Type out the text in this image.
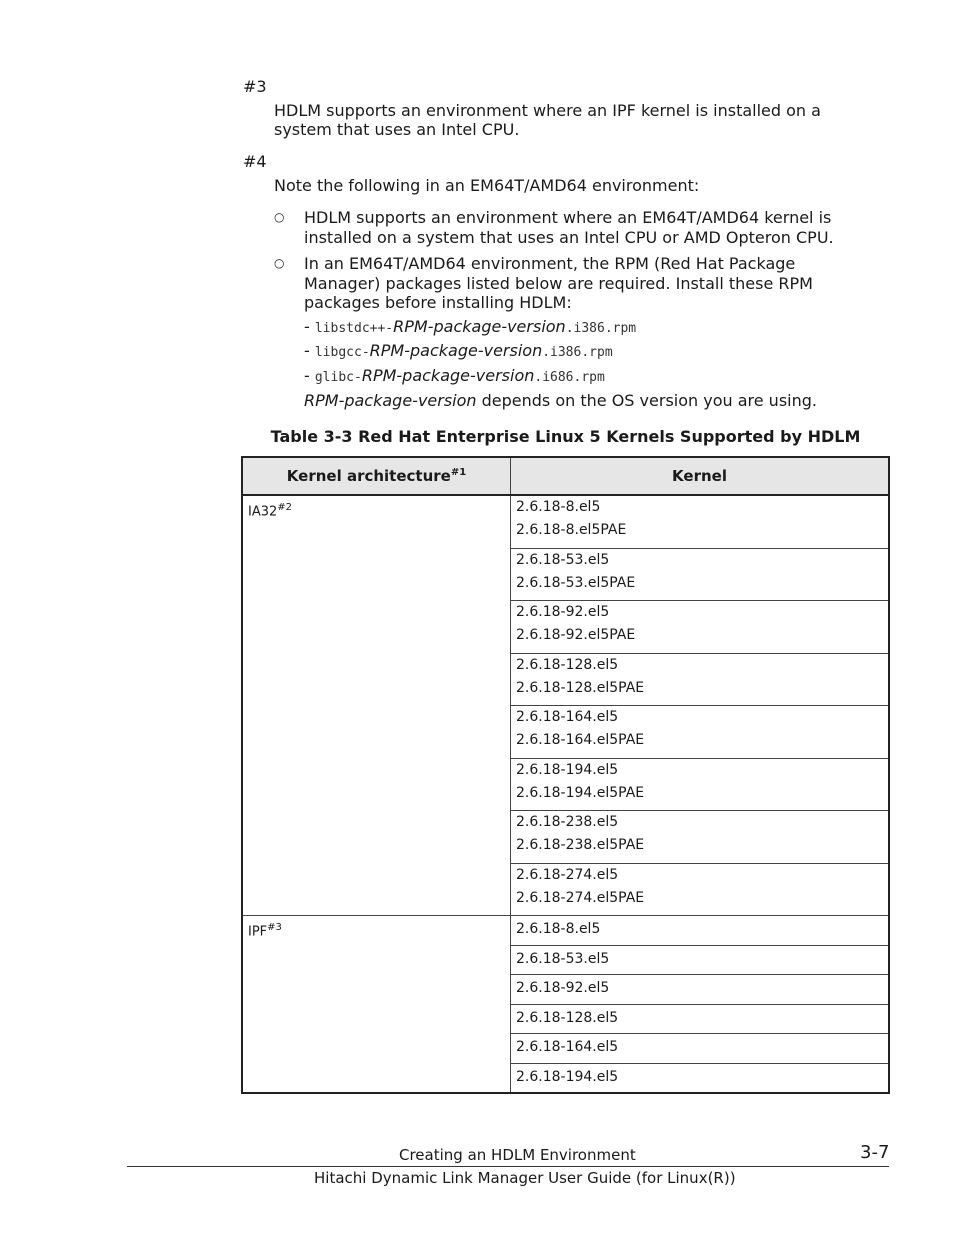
#3
HDLM supports an environment where an IPF kernel is installed on a system that uses an Intel CPU.
#4
Note the following in an EM64T/AMD64 environment:
○ HDLM supports an environment where an EM64T/AMD64 kernel is installed on a system that uses an Intel CPU or AMD Opteron CPU.
○ In an EM64T/AMD64 environment, the RPM (Red Hat Package Manager) packages listed below are required. Install these RPM packages before installing HDLM:
- libstdc++-RPM-package-version.i386.rpm
- libgcc-RPM-package-version.i386.rpm
- glibc-RPM-package-version.i686.rpm
RPM-package-version depends on the OS version you are using.
Table 3-3 Red Hat Enterprise Linux 5 Kernels Supported by HDLM
Kernel architecture$^{\#1}$	Kernel
IA32$^{\#2}$	2.6.18-8.el5
2.6.18-8.el5PAE

	2.6.18-53.el5
2.6.18-53.el5PAE

	2.6.18-92.el5
2.6.18-92.el5PAE

	2.6.18-128.el5
2.6.18-128.el5PAE

	2.6.18-164.el5
2.6.18-164.el5PAE

	2.6.18-194.el5
2.6.18-194.el5PAE

	2.6.18-238.el5
2.6.18-238.el5PAE

	2.6.18-274.el5
2.6.18-274.el5PAE

IPF$^{\#3}$	2.6.18-8.el5
	2.6.18-53.el5
	2.6.18-92.el5
	2.6.18-128.el5
	2.6.18-164.el5
	2.6.18-194.el5
Creating an HDLM Environment	3-7
Hitachi Dynamic Link Manager User Guide (for Linux(R))
